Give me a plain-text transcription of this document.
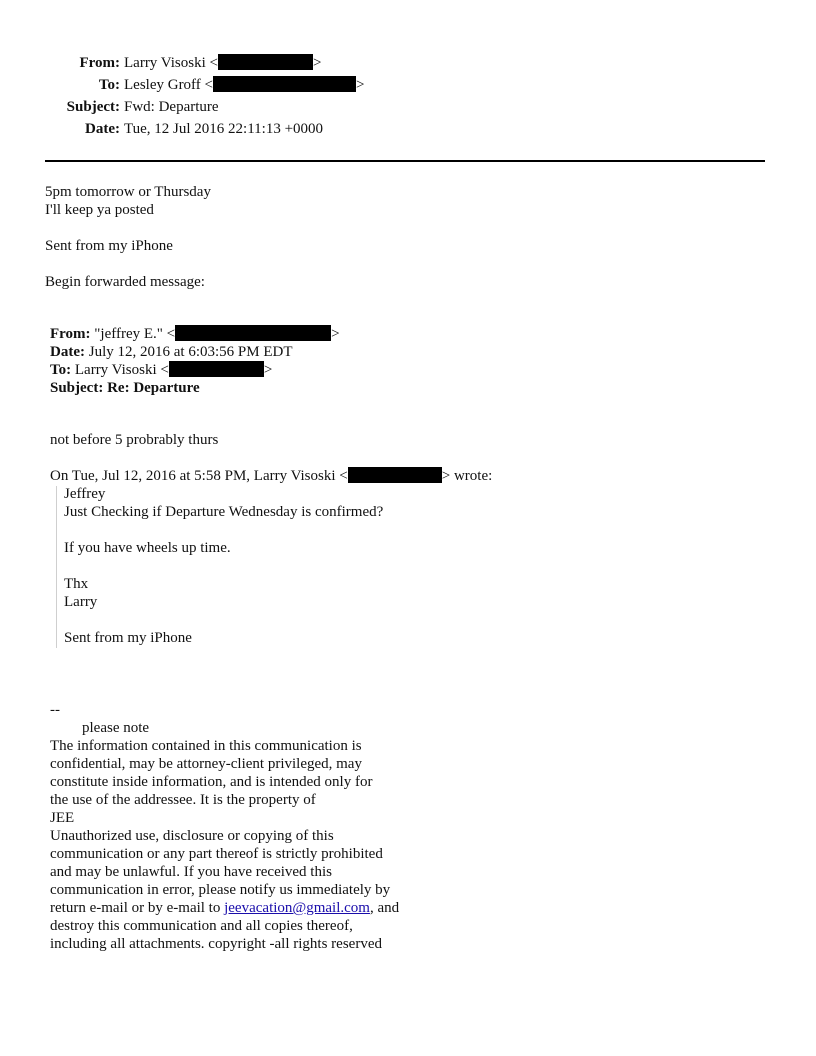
From: Larry Visoski <	>
To: Lesley Groff <	>
Subject: Fwd: Departure
Date: Tue, 12 Jul 2016 22:11:13 +0000
5pm tomorrow or Thursday
I'll keep ya posted
Sent from my iPhone
Begin forwarded message:
From: "jeffrey E." <	>
Date: July 12, 2016 at 6:03:56 PM EDT
To: Larry Visoski <	>
Subject: Re: Departure
not before 5 probrably thurs
On Tue, Jul 12, 2016 at 5:58 PM, Larry Visoski <	> wrote:
Jeffrey
Just Checking if Departure Wednesday is confirmed?
If you have wheels up time.
Thx
Larry
Sent from my iPhone
--
please note
The information contained in this communication is
confidential, may be attorney-client privileged, may
constitute inside information, and is intended only for
the use of the addressee. It is the property of
JEE
Unauthorized use, disclosure or copying of this
communication or any part thereof is strictly prohibited
and may be unlawful. If you have received this
communication in error, please notify us immediately by
return e-mail or by e-mail to jeevacation@gmail.com, and
destroy this communication and all copies thereof,
including all attachments. copyright -all rights reserved
